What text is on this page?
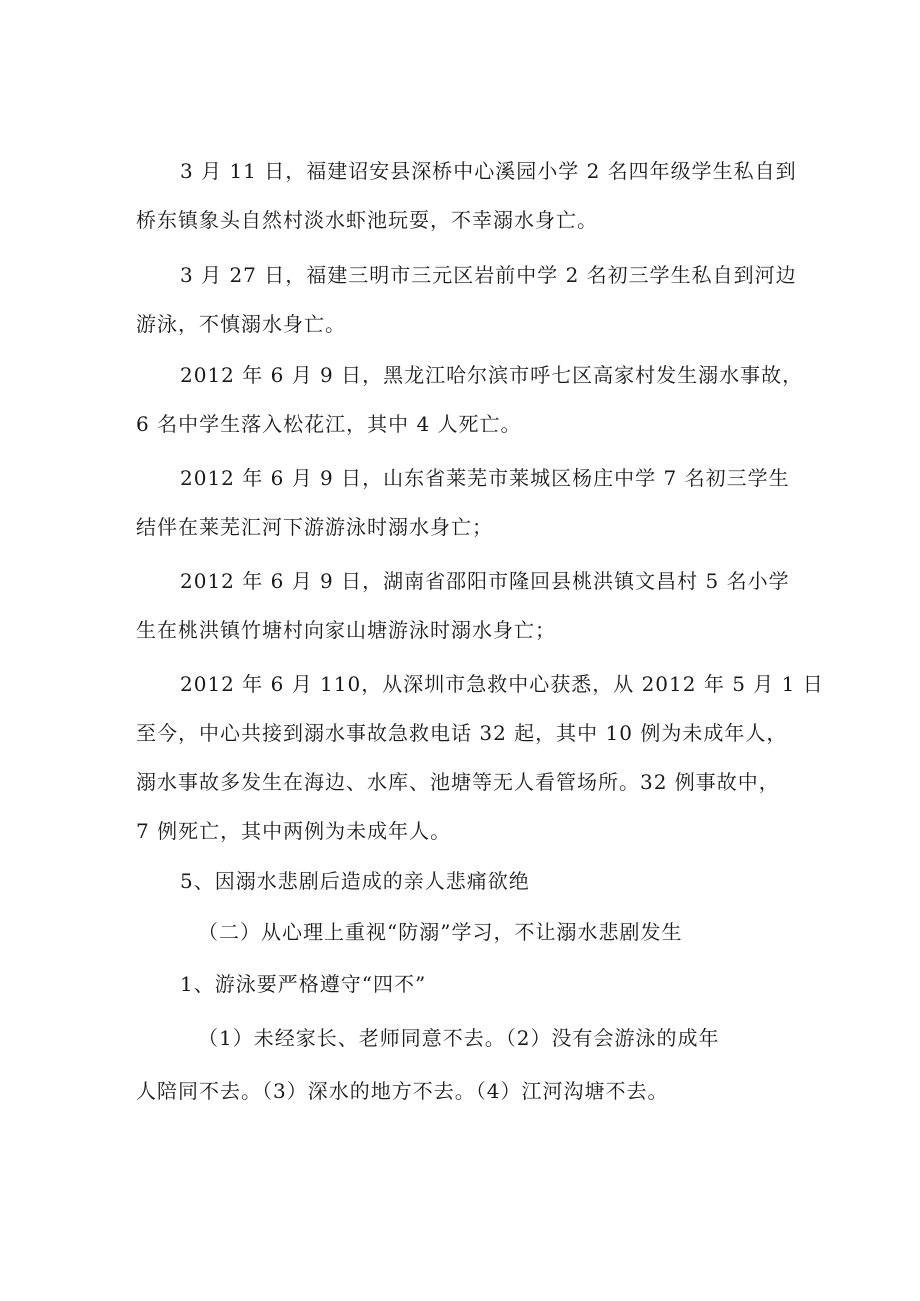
3 月 11 日，福建诏安县深桥中心溪园小学 2 名四年级学生私自到

桥东镇象头自然村淡水虾池玩耍，不幸溺水身亡。

3 月 27 日，福建三明市三元区岩前中学 2 名初三学生私自到河边

游泳，不慎溺水身亡。

2012 年 6 月 9 日，黑龙江哈尔滨市呼七区高家村发生溺水事故，

6 名中学生落入松花江，其中 4 人死亡。

2012 年 6 月 9 日，山东省莱芜市莱城区杨庄中学 7 名初三学生

结伴在莱芜汇河下游游泳时溺水身亡；

2012 年 6 月 9 日，湖南省邵阳市隆回县桃洪镇文昌村 5 名小学

生在桃洪镇竹塘村向家山塘游泳时溺水身亡；

2012 年 6 月 110，从深圳市急救中心获悉，从 2012 年 5 月 1 日

至今，中心共接到溺水事故急救电话 32 起，其中 10 例为未成年人，

溺水事故多发生在海边、水库、池塘等无人看管场所。32 例事故中，

7 例死亡，其中两例为未成年人。

5、因溺水悲剧后造成的亲人悲痛欲绝

（二）从心理上重视“防溺”学习，不让溺水悲剧发生

1、游泳要严格遵守“四不”

（1）未经家长、老师同意不去。（2）没有会游泳的成年

人陪同不去。（3）深水的地方不去。（4）江河沟塘不去。
